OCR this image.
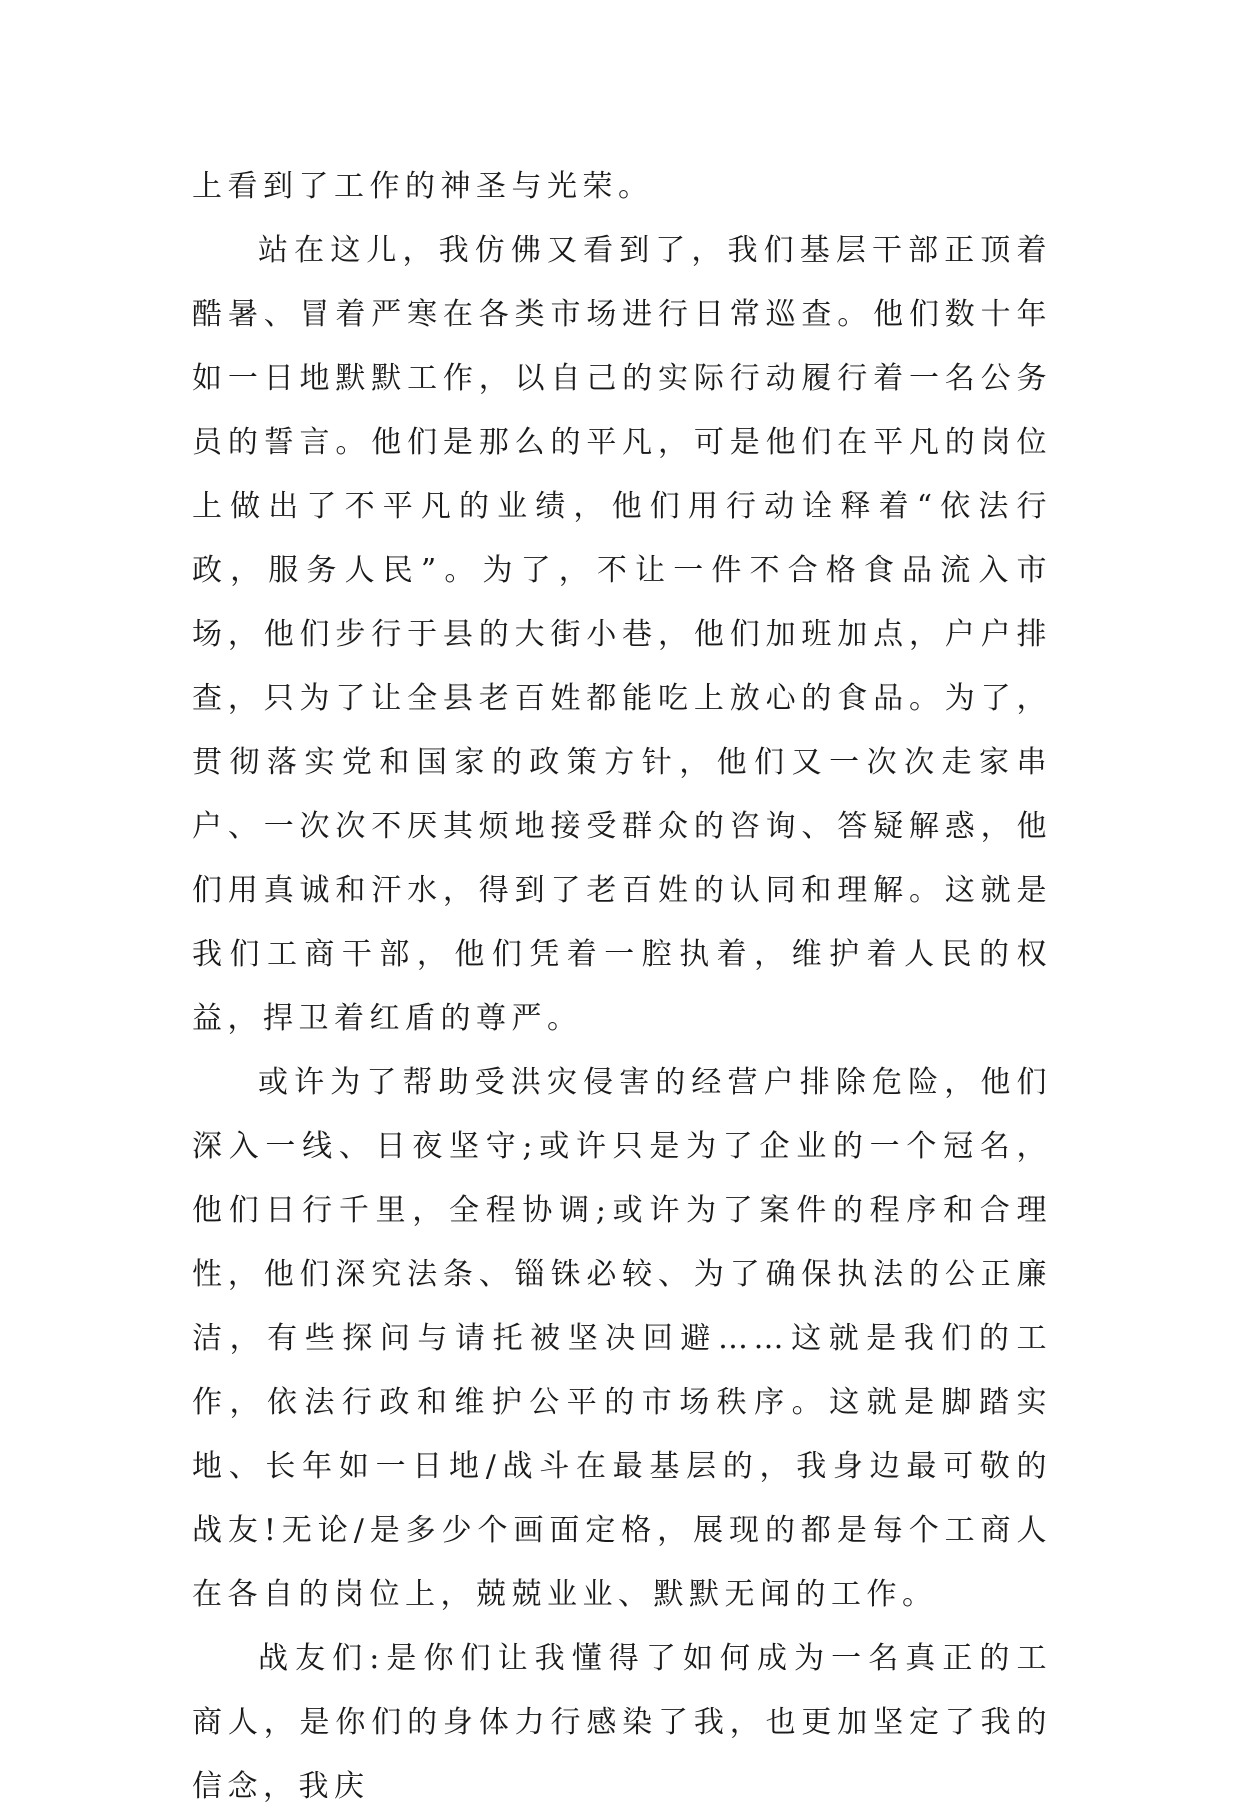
上看到了工作的神圣与光荣。

站在这儿，我仿佛又看到了，我们基层干部正顶着酷暑、冒着严寒在各类市场进行日常巡查。他们数十年如一日地默默工作，以自己的实际行动履行着一名公务员的誓言。他们是那么的平凡，可是他们在平凡的岗位上做出了不平凡的业绩，他们用行动诠释着“依法行政，服务人民”。为了，不让一件不合格食品流入市场，他们步行于县的大街小巷，他们加班加点，户户排查，只为了让全县老百姓都能吃上放心的食品。为了，贯彻落实党和国家的政策方针，他们又一次次走家串户、一次次不厌其烦地接受群众的咨询、答疑解惑，他们用真诚和汗水，得到了老百姓的认同和理解。这就是我们工商干部，他们凭着一腔执着，维护着人民的权益，捍卫着红盾的尊严。

或许为了帮助受洪灾侵害的经营户排除危险，他们深入一线、日夜坚守;或许只是为了企业的一个冠名，他们日行千里，全程协调;或许为了案件的程序和合理性，他们深究法条、锱铢必较、为了确保执法的公正廉洁，有些探问与请托被坚决回避……这就是我们的工作，依法行政和维护公平的市场秩序。这就是脚踏实地、长年如一日地/战斗在最基层的，我身边最可敬的战友!无论/是多少个画面定格，展现的都是每个工商人在各自的岗位上，兢兢业业、默默无闻的工作。

战友们:是你们让我懂得了如何成为一名真正的工商人，是你们的身体力行感染了我，也更加坚定了我的信念，我庆
